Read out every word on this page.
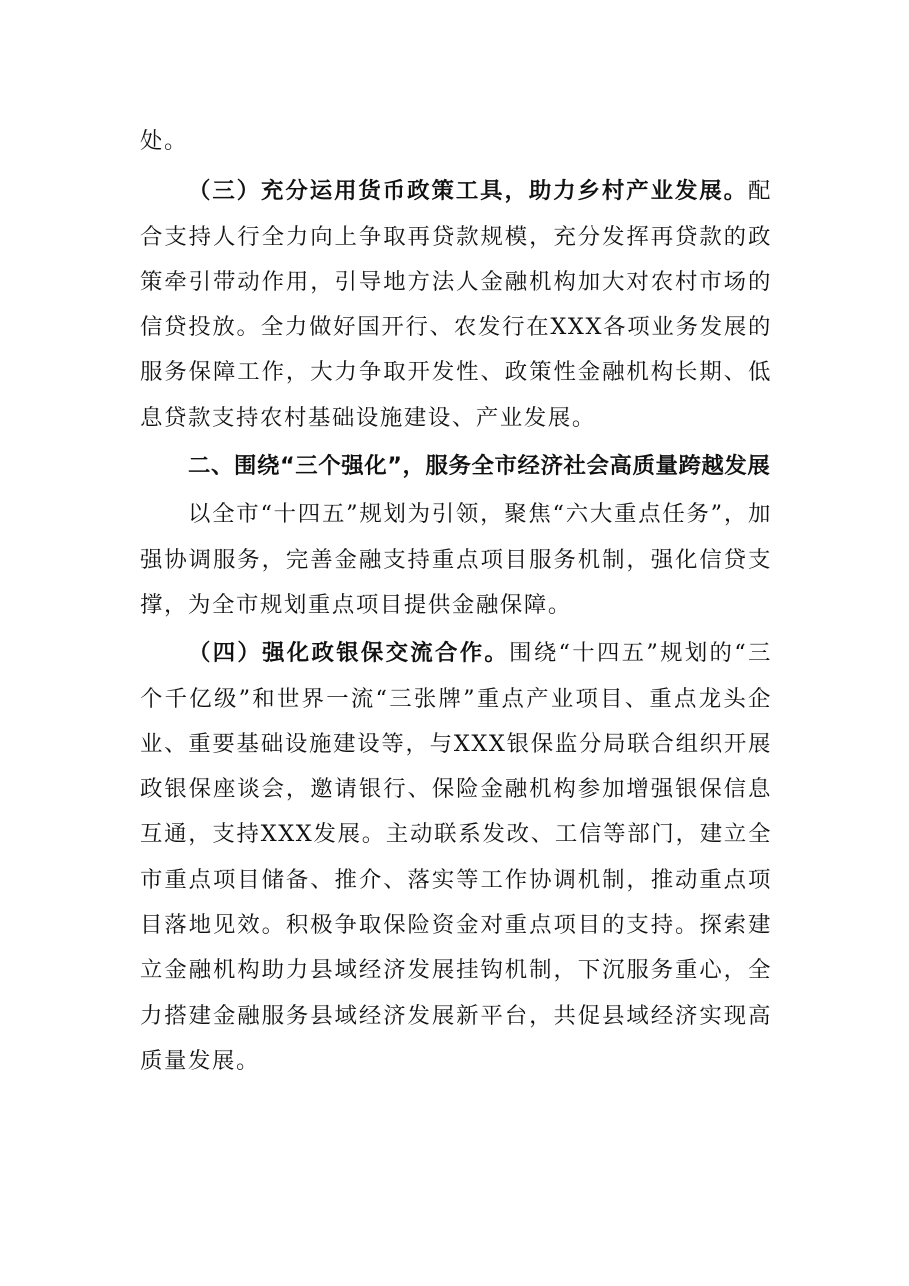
处。

（三）充分运用货币政策工具，助力乡村产业发展。配合支持人行全力向上争取再贷款规模，充分发挥再贷款的政策牵引带动作用，引导地方法人金融机构加大对农村市场的信贷投放。全力做好国开行、农发行在XXX各项业务发展的服务保障工作，大力争取开发性、政策性金融机构长期、低息贷款支持农村基础设施建设、产业发展。

二、围绕“三个强化”，服务全市经济社会高质量跨越发展

以全市“十四五”规划为引领，聚焦“六大重点任务”，加强协调服务，完善金融支持重点项目服务机制，强化信贷支撑，为全市规划重点项目提供金融保障。

（四）强化政银保交流合作。围绕“十四五”规划的“三个千亿级”和世界一流“三张牌”重点产业项目、重点龙头企业、重要基础设施建设等，与XXX银保监分局联合组织开展政银保座谈会，邀请银行、保险金融机构参加增强银保信息互通，支持XXX发展。主动联系发改、工信等部门，建立全市重点项目储备、推介、落实等工作协调机制，推动重点项目落地见效。积极争取保险资金对重点项目的支持。探索建立金融机构助力县域经济发展挂钩机制，下沉服务重心，全力搭建金融服务县域经济发展新平台，共促县域经济实现高质量发展。
